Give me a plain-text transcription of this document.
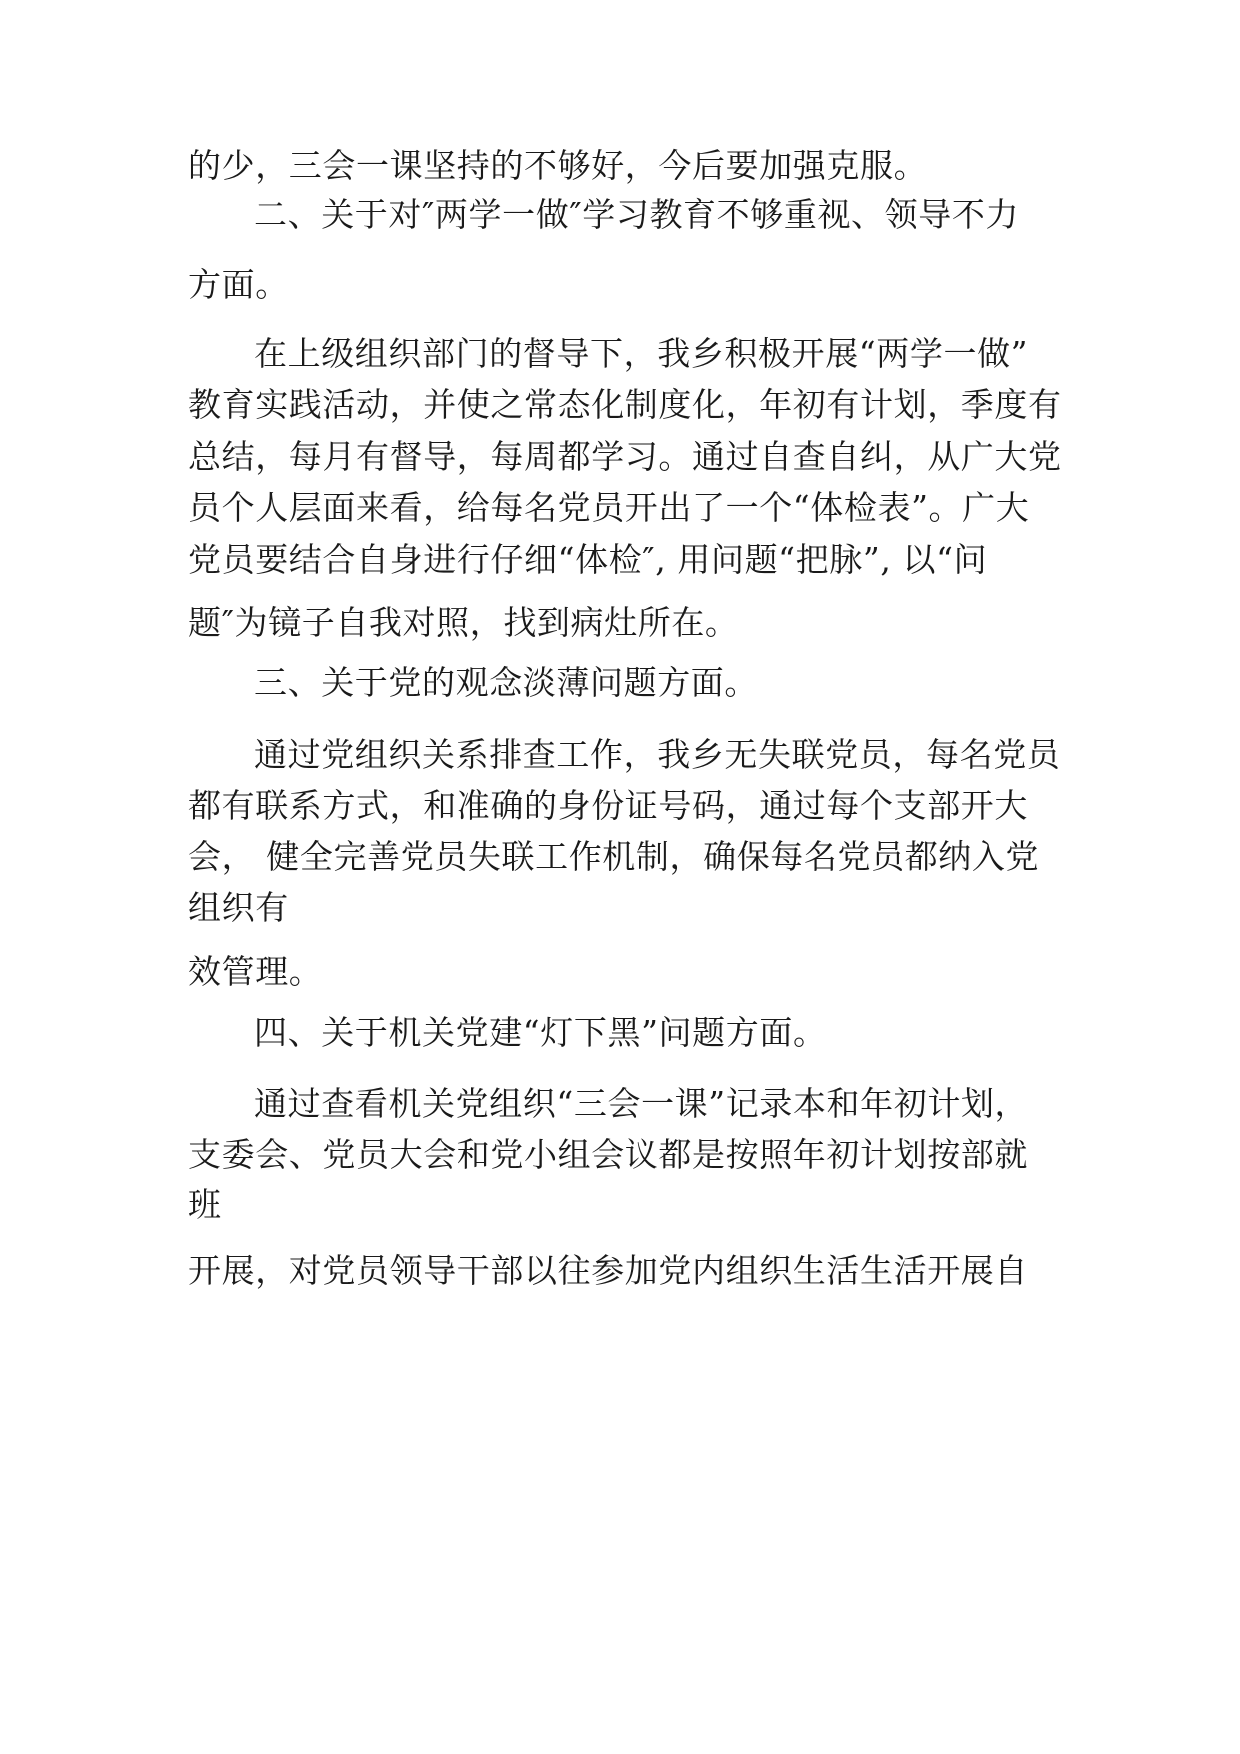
的少，三会一课坚持的不够好，今后要加强克服。
二、关于对″两学一做″学习教育不够重视、领导不力
方面。
在上级组织部门的督导下，我乡积极开展“两学一做”
教育实践活动，并使之常态化制度化，年初有计划，季度有
总结，每月有督导，每周都学习。通过自查自纠，从广大党
员个人层面来看，给每名党员开出了一个“体检表”。广大
党员要结合自身进行仔细“体检″, 用问题“把脉”, 以“问
题″为镜子自我对照，找到病灶所在。
三、关于党的观念淡薄问题方面。
通过党组织关系排查工作，我乡无失联党员，每名党员
都有联系方式，和准确的身份证号码，通过每个支部开大
会， 健全完善党员失联工作机制，确保每名党员都纳入党
组织有
效管理。
四、关于机关党建“灯下黑”问题方面。
通过查看机关党组织“三会一课”记录本和年初计划，
支委会、党员大会和党小组会议都是按照年初计划按部就
班
开展，对党员领导干部以往参加党内组织生活生活开展自
